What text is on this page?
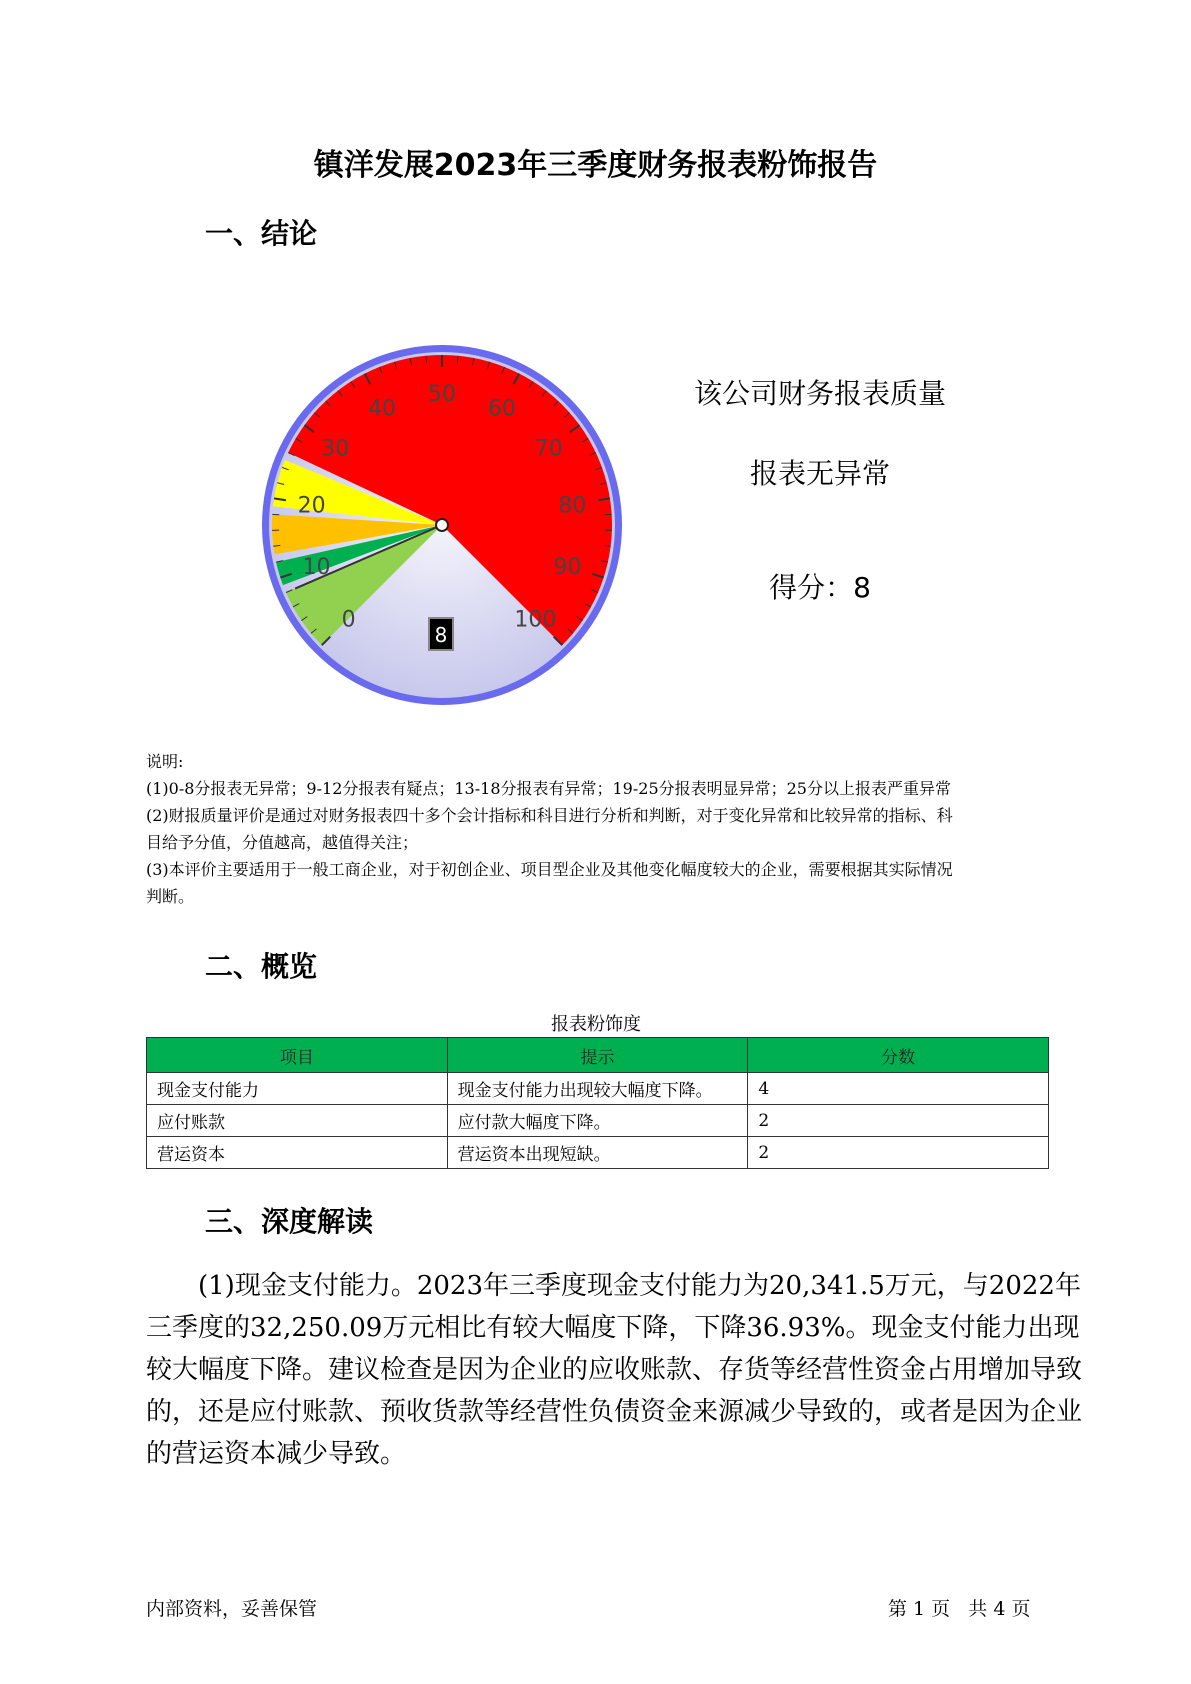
镇洋发展2023年三季度财务报表粉饰报告
一、结论
0
10
20
30
40
50
60
70
80
90
100
8
该公司财务报表质量
报表无异常
得分：8
说明:
(1)0-8分报表无异常；9-12分报表有疑点；13-18分报表有异常；19-25分报表明显异常；25分以上报表严重异常
(2)财报质量评价是通过对财务报表四十多个会计指标和科目进行分析和判断，对于变化异常和比较异常的指标、科
目给予分值，分值越高，越值得关注；
(3)本评价主要适用于一般工商企业，对于初创企业、项目型企业及其他变化幅度较大的企业，需要根据其实际情况
判断。
二、概览
报表粉饰度
项目	提示	分数
现金支付能力	现金支付能力出现较大幅度下降。	4
应付账款	应付款大幅度下降。	2
营运资本	营运资本出现短缺。	2
三、深度解读

(1)现金支付能力。2023年三季度现金支付能力为20,341.5万元，与2022年三季度的32,250.09万元相比有较大幅度下降，下降36.93%。现金支付能力出现较大幅度下降。建议检查是因为企业的应收账款、存货等经营性资金占用增加导致的，还是应付账款、预收货款等经营性负债资金来源减少导致的，或者是因为企业的营运资本减少导致。

内部资料，妥善保管	第 1 页   共 4 页
